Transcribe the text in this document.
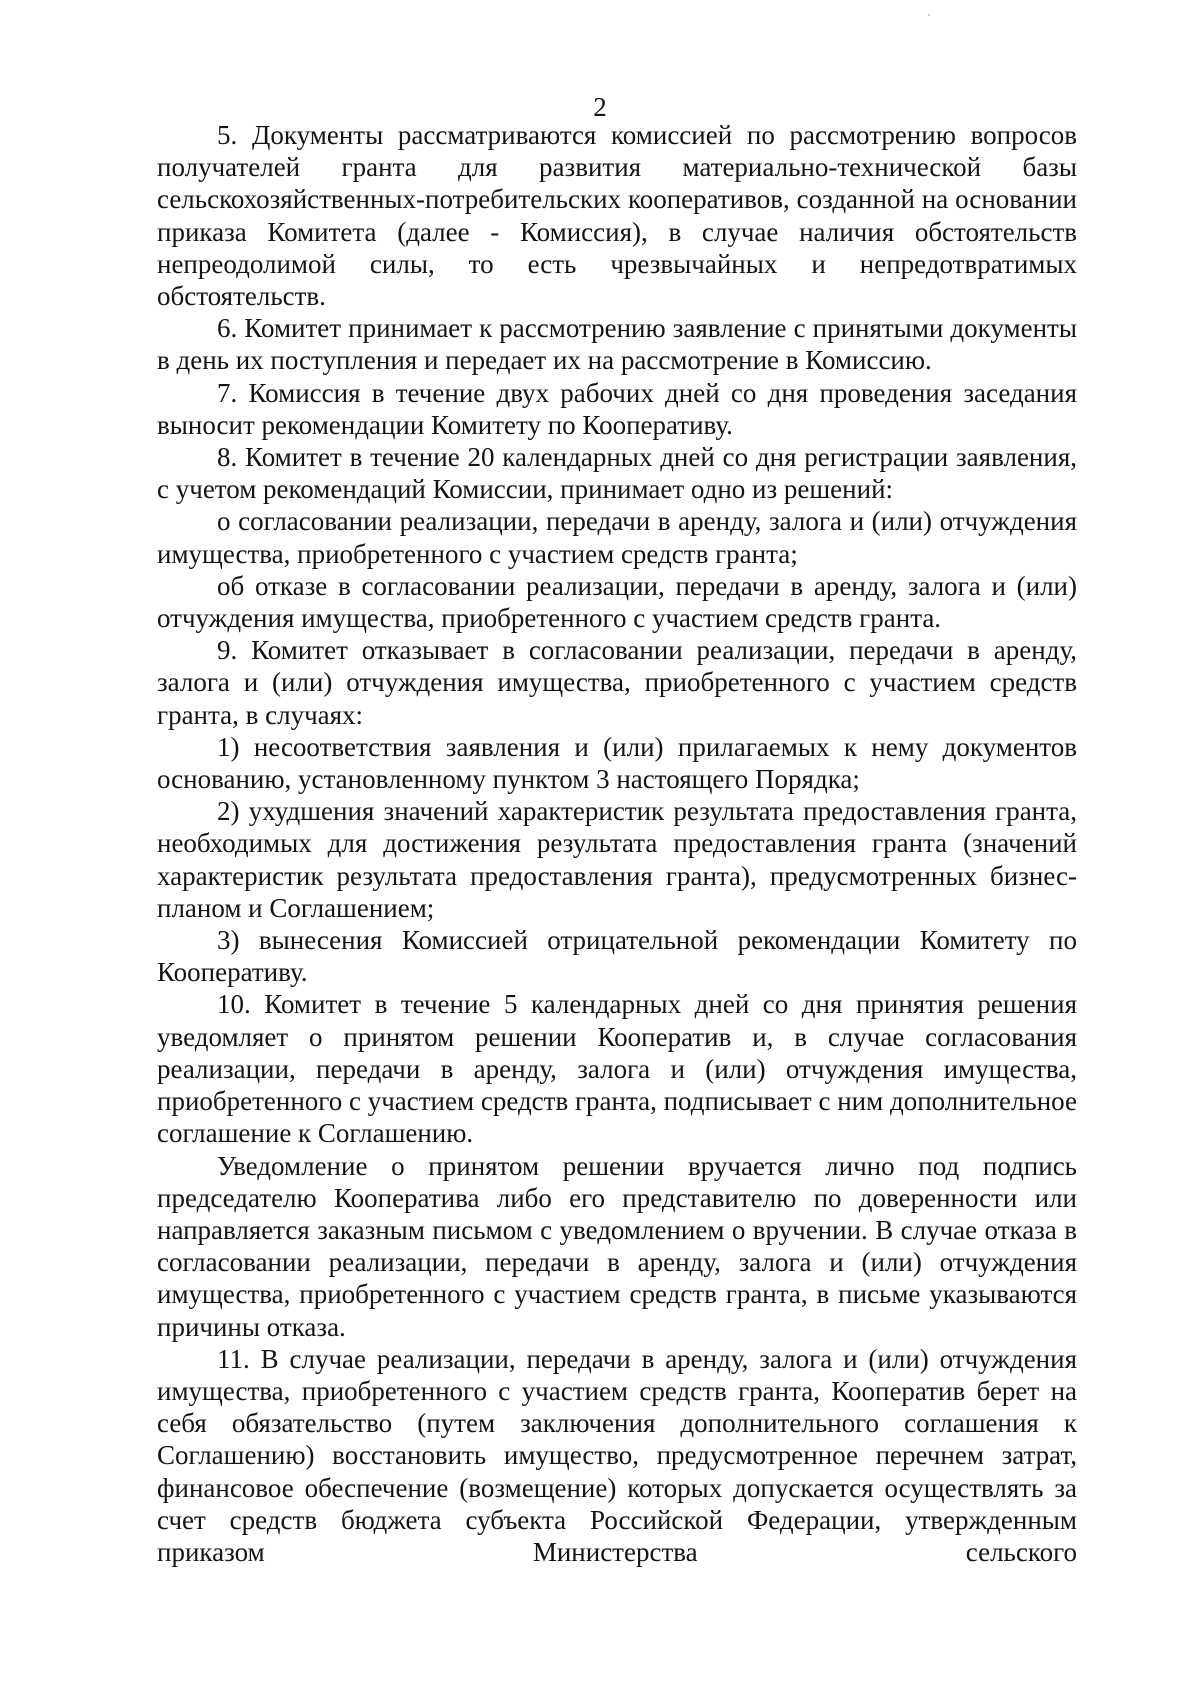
2

5. Документы рассматриваются комиссией по рассмотрению вопросов получателей гранта для развития материально-технической базы сельскохозяйственных-потребительских кооперативов, созданной на основании приказа Комитета (далее - Комиссия), в случае наличия обстоятельств непреодолимой силы, то есть чрезвычайных и непредотвратимых обстоятельств.

6. Комитет принимает к рассмотрению заявление с принятыми документы в день их поступления и передает их на рассмотрение в Комиссию.

7. Комиссия в течение двух рабочих дней со дня проведения заседания выносит рекомендации Комитету по Кооперативу.

8. Комитет в течение 20 календарных дней со дня регистрации заявления, с учетом рекомендаций Комиссии, принимает одно из решений:

о согласовании реализации, передачи в аренду, залога и (или) отчуждения имущества, приобретенного с участием средств гранта;

об отказе в согласовании реализации, передачи в аренду, залога и (или) отчуждения имущества, приобретенного с участием средств гранта.

9. Комитет отказывает в согласовании реализации, передачи в аренду, залога и (или) отчуждения имущества, приобретенного с участием средств гранта, в случаях:

1) несоответствия заявления и (или) прилагаемых к нему документов основанию, установленному пунктом 3 настоящего Порядка;

2) ухудшения значений характеристик результата предоставления гранта, необходимых для достижения результата предоставления гранта (значений характеристик результата предоставления гранта), предусмотренных бизнес-планом и Соглашением;

3) вынесения Комиссией отрицательной рекомендации Комитету по Кооперативу.

10. Комитет в течение 5 календарных дней со дня принятия решения уведомляет о принятом решении Кооператив и, в случае согласования реализации, передачи в аренду, залога и (или) отчуждения имущества, приобретенного с участием средств гранта, подписывает с ним дополнительное соглашение к Соглашению.

Уведомление о принятом решении вручается лично под подпись председателю Кооператива либо его представителю по доверенности или направляется заказным письмом с уведомлением о вручении. В случае отказа в согласовании реализации, передачи в аренду, залога и (или) отчуждения имущества, приобретенного с участием средств гранта, в письме указываются причины отказа.

11. В случае реализации, передачи в аренду, залога и (или) отчуждения имущества, приобретенного с участием средств гранта, Кооператив берет на себя обязательство (путем заключения дополнительного соглашения к Соглашению) восстановить имущество, предусмотренное перечнем затрат, финансовое обеспечение (возмещение) которых допускается осуществлять за счет средств бюджета субъекта Российской Федерации, утвержденным приказом Министерства сельского
